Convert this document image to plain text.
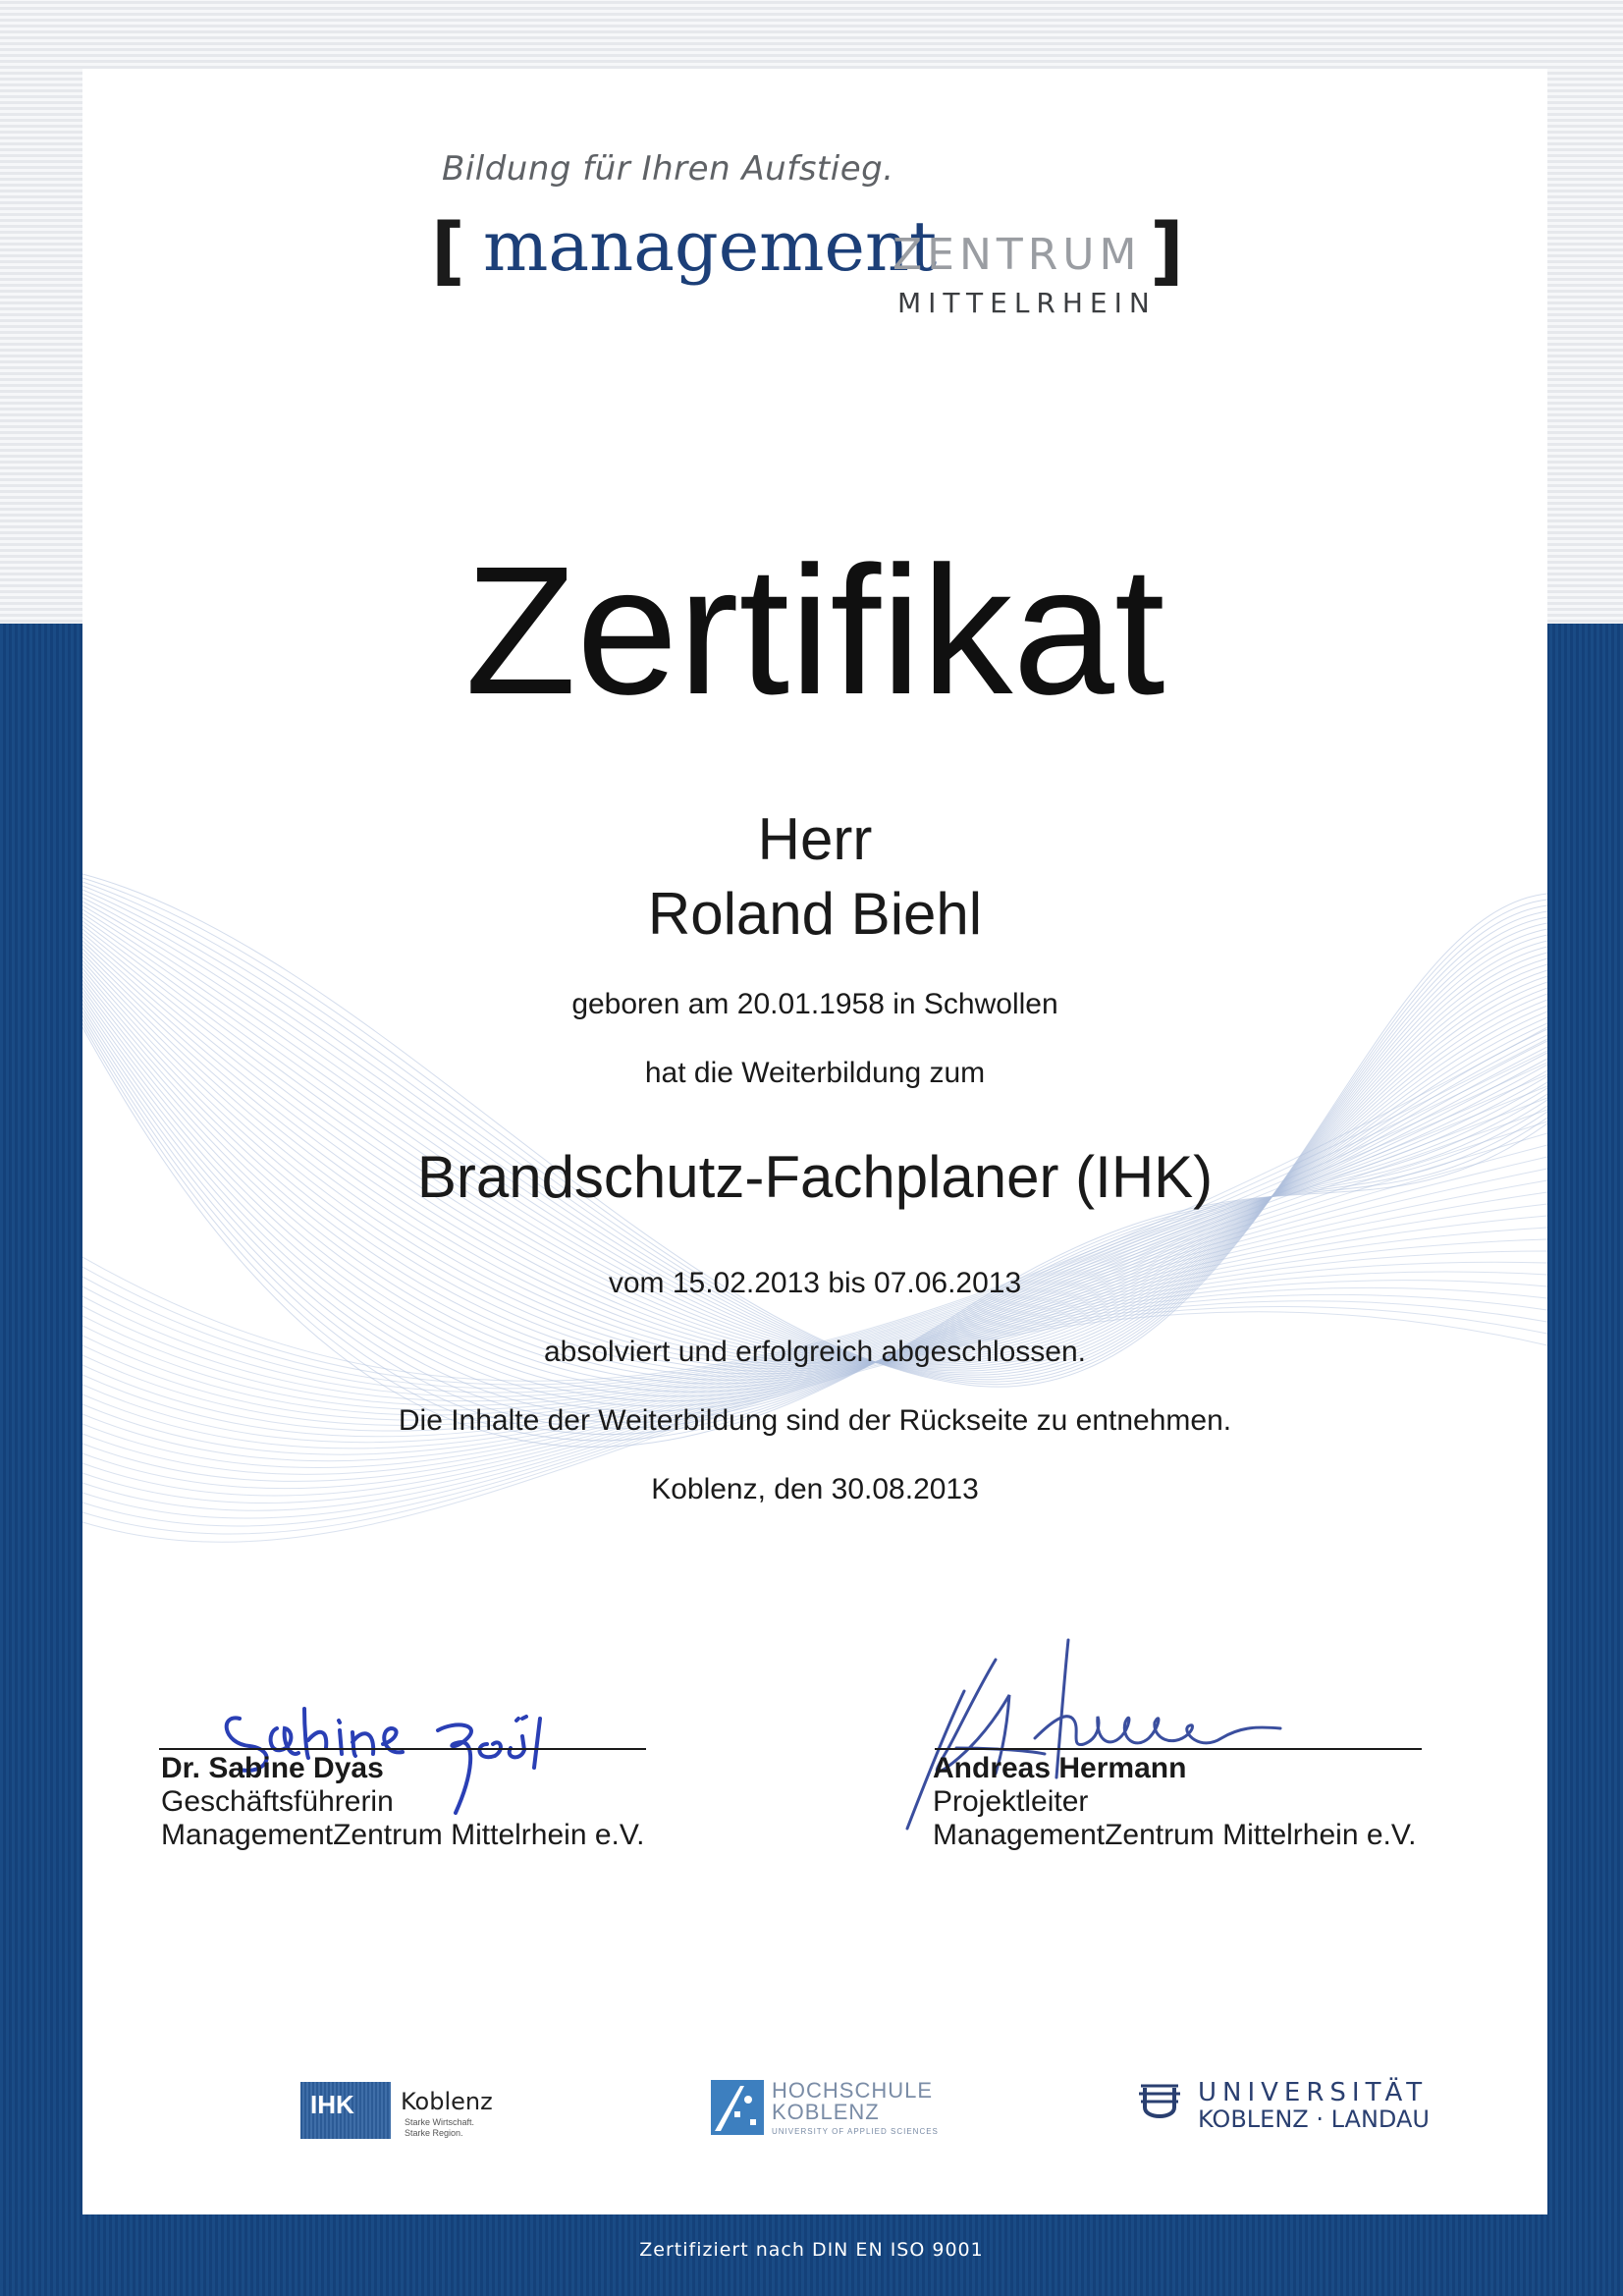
Bildung für Ihren Aufstieg.
[ management
ZENTRUM
MITTELRHEIN
]
Zertifikat
Herr
Roland Biehl
geboren am 20.01.1958 in Schwollen
hat die Weiterbildung zum
Brandschutz-Fachplaner (IHK)
vom 15.02.2013 bis 07.06.2013
absolviert und erfolgreich abgeschlossen.
Die Inhalte der Weiterbildung sind der Rückseite zu entnehmen.
Koblenz, den 30.08.2013
Dr. Sabine Dyas
Geschäftsführerin
ManagementZentrum Mittelrhein e.V.
Andreas Hermann
Projektleiter
ManagementZentrum Mittelrhein e.V.
IHK Koblenz
Starke Wirtschaft.
Starke Region.
HOCHSCHULE
KOBLENZ
UNIVERSITY OF APPLIED SCIENCES
UNIVERSITÄT
KOBLENZ · LANDAU
Zertifiziert nach DIN EN ISO 9001
